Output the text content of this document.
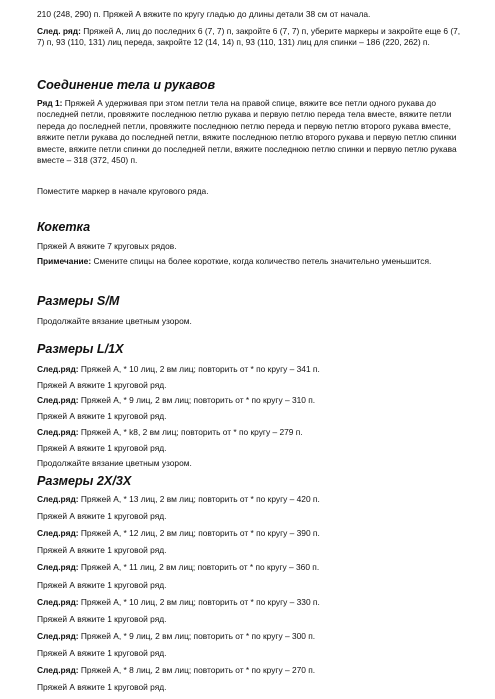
210 (248, 290) п. Пряжей А вяжите по кругу гладью до длины детали 38 см от начала.

След. ряд: Пряжей А, лиц до последних 6 (7, 7) п, закройте 6 (7, 7) п, уберите маркеры и закройте еще 6 (7, 7) п, 93 (110, 131) лиц переда, закройте 12 (14, 14) п, 93 (110, 131) лиц для спинки – 186 (220, 262) п.

Соединение тела и рукавов

Ряд 1: Пряжей А удерживая при этом петли тела на правой спице, вяжите все петли одного рукава до последней петли, провяжите последнюю петлю рукава и первую петлю переда тела вместе, вяжите петли переда до последней петли, провяжите последнюю петлю переда и первую петлю второго рукава вместе, вяжите петли рукава до последней петли, вяжите последнюю петлю второго рукава и первую петлю спинки вместе, вяжите петли спинки до последней петли, вяжите последнюю петлю спинки и первую петлю рукава вместе – 318 (372, 450) п.

Поместите маркер в начале кругового ряда.

Кокетка

Пряжей А вяжите 7 круговых рядов.

Примечание: Смените спицы на более короткие, когда количество петель значительно уменьшится.

Размеры S/M

Продолжайте вязание цветным узором.

Размеры L/1X

След.ряд: Пряжей А, * 10 лиц, 2 вм лиц; повторить от * по кругу – 341 п.

Пряжей А вяжите 1 круговой ряд.

След.ряд: Пряжей А, * 9 лиц, 2 вм лиц; повторить от * по кругу – 310 п.

Пряжей А вяжите 1 круговой ряд.

След.ряд: Пряжей А, * k8, 2 вм лиц; повторить от * по кругу – 279 п.

Пряжей А вяжите 1 круговой ряд.

Продолжайте вязание цветным узором.

Размеры 2X/3X

След.ряд: Пряжей А, * 13 лиц, 2 вм лиц; повторить от * по кругу – 420 п.

Пряжей А вяжите 1 круговой ряд.

След.ряд: Пряжей А, * 12 лиц, 2 вм лиц; повторить от * по кругу – 390 п.

Пряжей А вяжите 1 круговой ряд.

След.ряд: Пряжей А, * 11 лиц, 2 вм лиц; повторить от * по кругу – 360 п.

Пряжей А вяжите 1 круговой ряд.

След.ряд: Пряжей А, * 10 лиц, 2 вм лиц; повторить от * по кругу – 330 п.

Пряжей А вяжите 1 круговой ряд.

След.ряд: Пряжей А, * 9 лиц, 2 вм лиц; повторить от * по кругу – 300 п.

Пряжей А вяжите 1 круговой ряд.

След.ряд: Пряжей А, * 8 лиц, 2 вм лиц; повторить от * по кругу – 270 п.

Пряжей А вяжите 1 круговой ряд.
